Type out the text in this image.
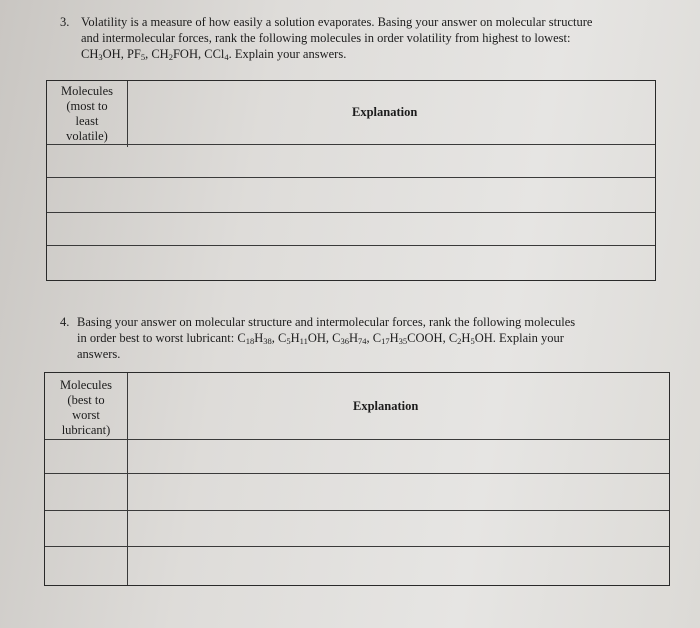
3. Volatility is a measure of how easily a solution evaporates. Basing your answer on molecular structure

and intermolecular forces, rank the following molecules in order volatility from highest to lowest:

$CH_3OH$, $PF_5$, $CH_2FOH$, CCl$_4$. Explain your answers.

Molecules
(most to
least
volatile)
Explanation
4. Basing your answer on molecular structure and intermolecular forces, rank the following molecules

in order best to worst lubricant: $C_{18}H_{38}$, $C_5H_{11}OH$, $C_{36}H_{74}$, $C_{17}H_{35}COOH$, $C_2H_5OH$. Explain your

answers.

Molecules
(best to
worst
lubricant)
Explanation
